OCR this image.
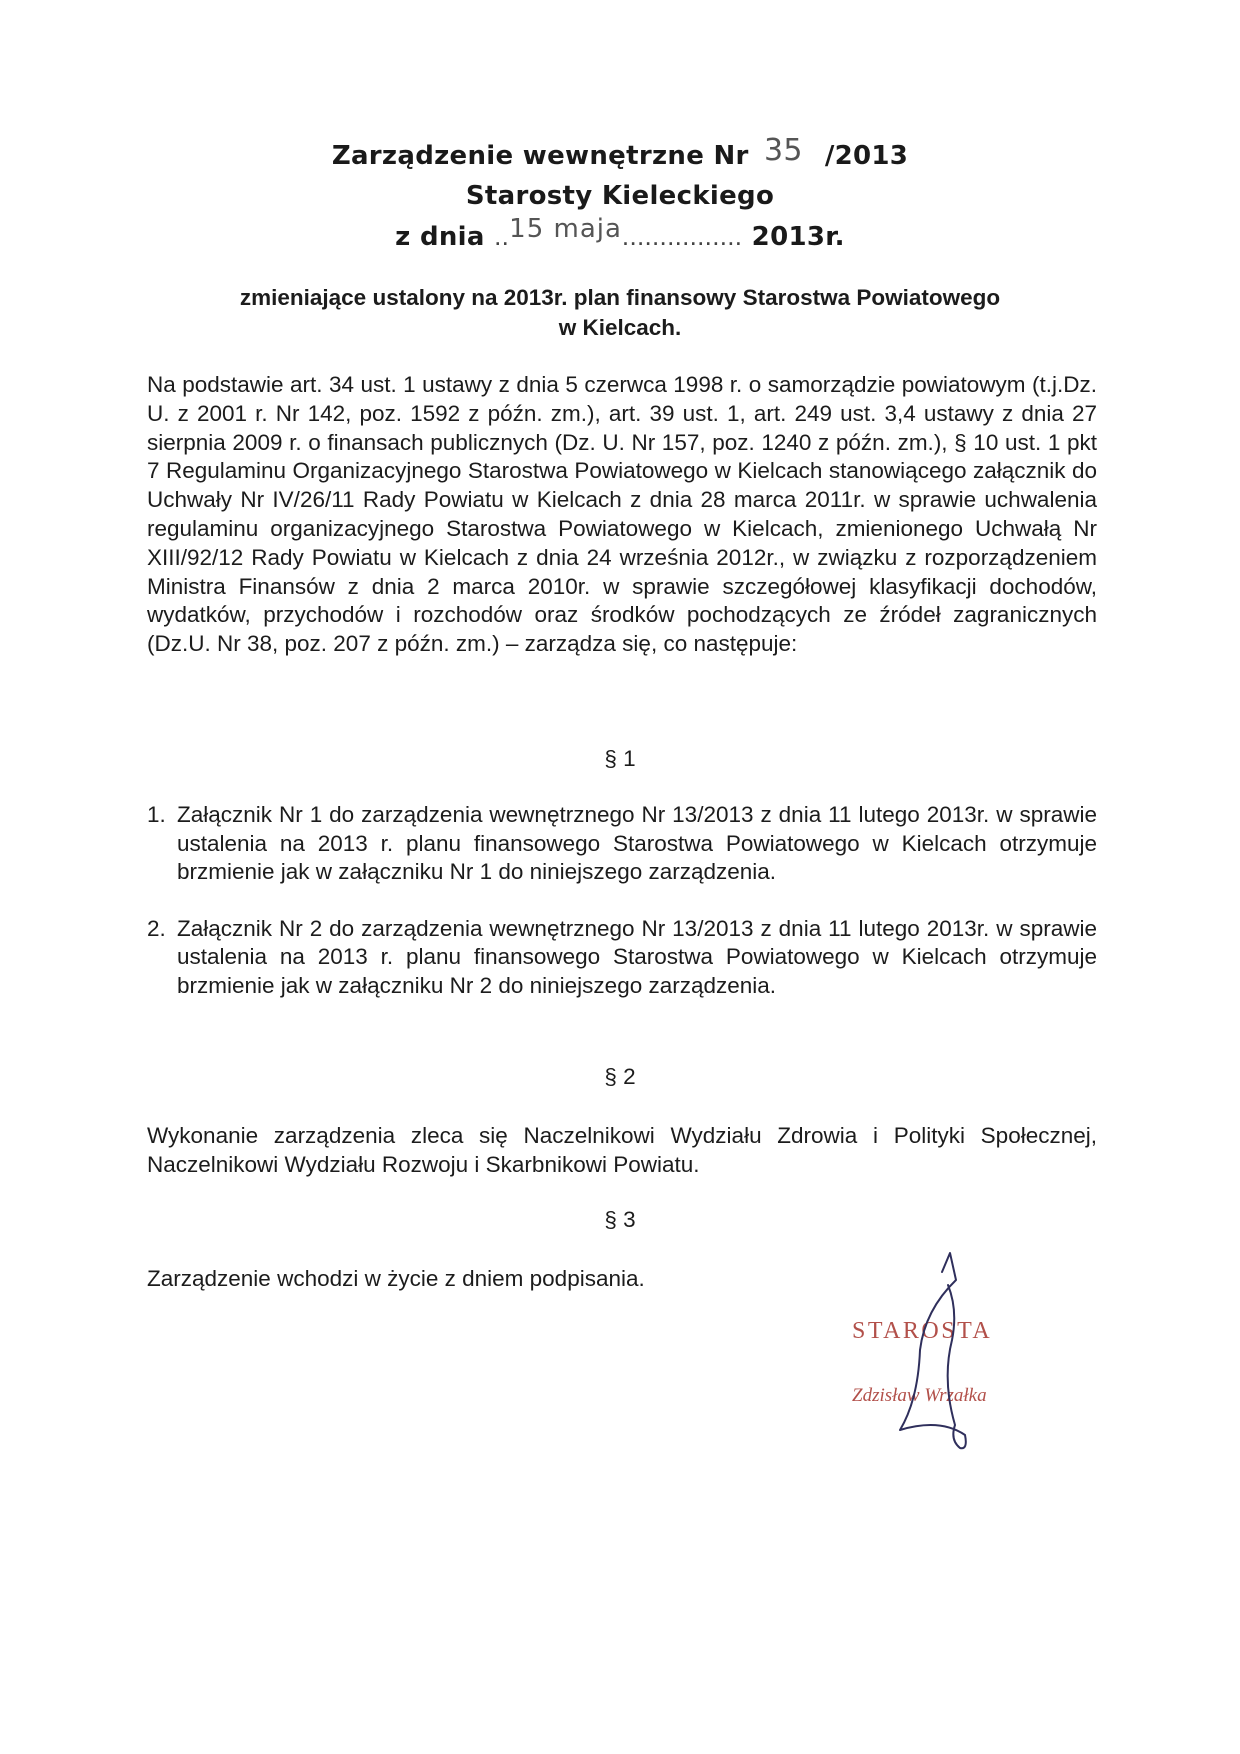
Zarządzenie wewnętrzne Nr 35 /2013
Starosty Kieleckiego
z dnia ..15 maja................ 2013r.
zmieniające ustalony na 2013r. plan finansowy Starostwa Powiatowego
w Kielcach.
Na podstawie art. 34 ust. 1 ustawy z dnia 5 czerwca 1998 r. o samorządzie powiatowym (t.j.Dz. U. z 2001 r. Nr 142, poz. 1592 z późn. zm.), art. 39 ust. 1, art. 249 ust. 3,4 ustawy z dnia 27 sierpnia 2009 r. o finansach publicznych (Dz. U. Nr 157, poz. 1240 z późn. zm.), § 10 ust. 1 pkt 7 Regulaminu Organizacyjnego Starostwa Powiatowego w Kielcach stanowiącego załącznik do Uchwały Nr IV/26/11 Rady Powiatu w Kielcach z dnia 28 marca 2011r. w sprawie uchwalenia regulaminu organizacyjnego Starostwa Powiatowego w Kielcach, zmienionego Uchwałą Nr XIII/92/12 Rady Powiatu w Kielcach z dnia 24 września 2012r., w związku z rozporządzeniem Ministra Finansów z dnia 2 marca 2010r. w sprawie szczegółowej klasyfikacji dochodów, wydatków, przychodów i rozchodów oraz środków pochodzących ze źródeł zagranicznych (Dz.U. Nr 38, poz. 207 z późn. zm.) – zarządza się, co następuje:
§ 1
1. Załącznik Nr 1 do zarządzenia wewnętrznego Nr 13/2013 z dnia 11 lutego 2013r. w sprawie ustalenia na 2013 r. planu finansowego Starostwa Powiatowego w Kielcach otrzymuje brzmienie jak w załączniku Nr 1 do niniejszego zarządzenia.
2. Załącznik Nr 2 do zarządzenia wewnętrznego Nr 13/2013 z dnia 11 lutego 2013r. w sprawie ustalenia na 2013 r. planu finansowego Starostwa Powiatowego w Kielcach otrzymuje brzmienie jak w załączniku Nr 2 do niniejszego zarządzenia.
§ 2
Wykonanie zarządzenia zleca się Naczelnikowi Wydziału Zdrowia i Polityki Społecznej, Naczelnikowi Wydziału Rozwoju i Skarbnikowi Powiatu.
§ 3
Zarządzenie wchodzi w życie z dniem podpisania.
STAROSTA
Zdzisław Wrzałka
